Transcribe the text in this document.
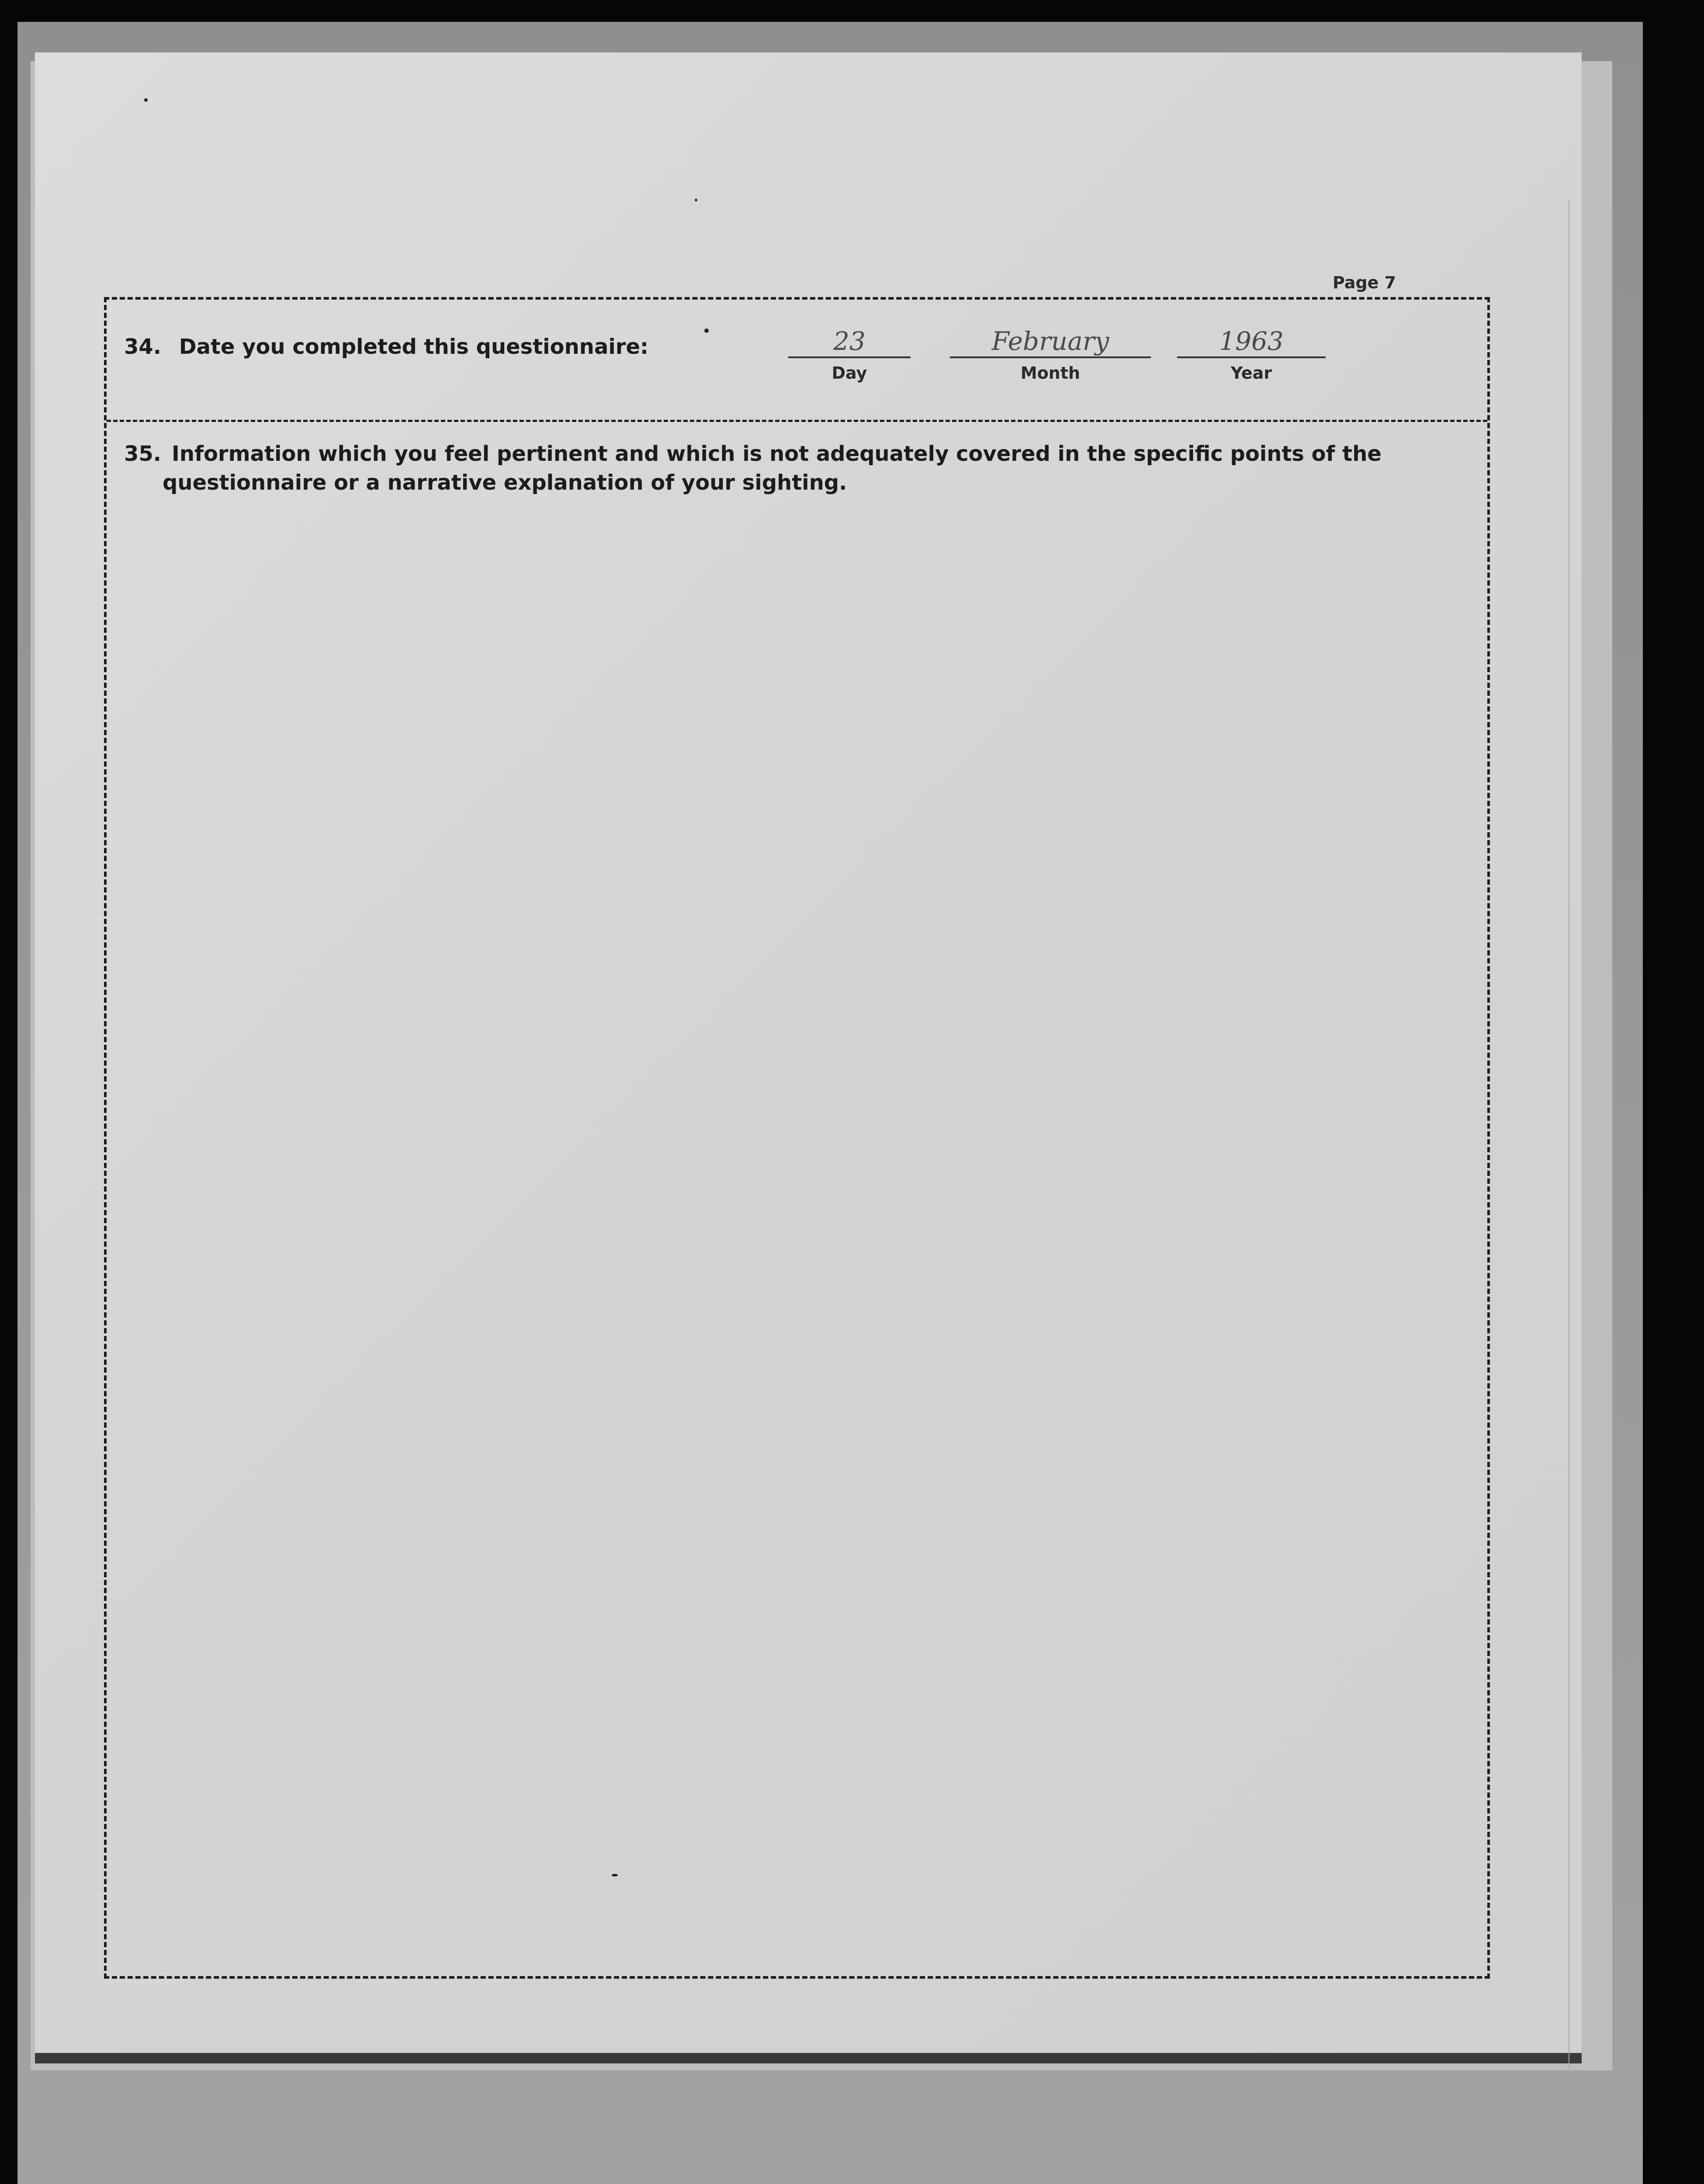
Page 7
34. Date you completed this questionnaire:	23
Day
February
Month
1963
Year
35. Information which you feel pertinent and which is not adequately covered in the specific points of the questionnaire or a narrative explanation of your sighting.
